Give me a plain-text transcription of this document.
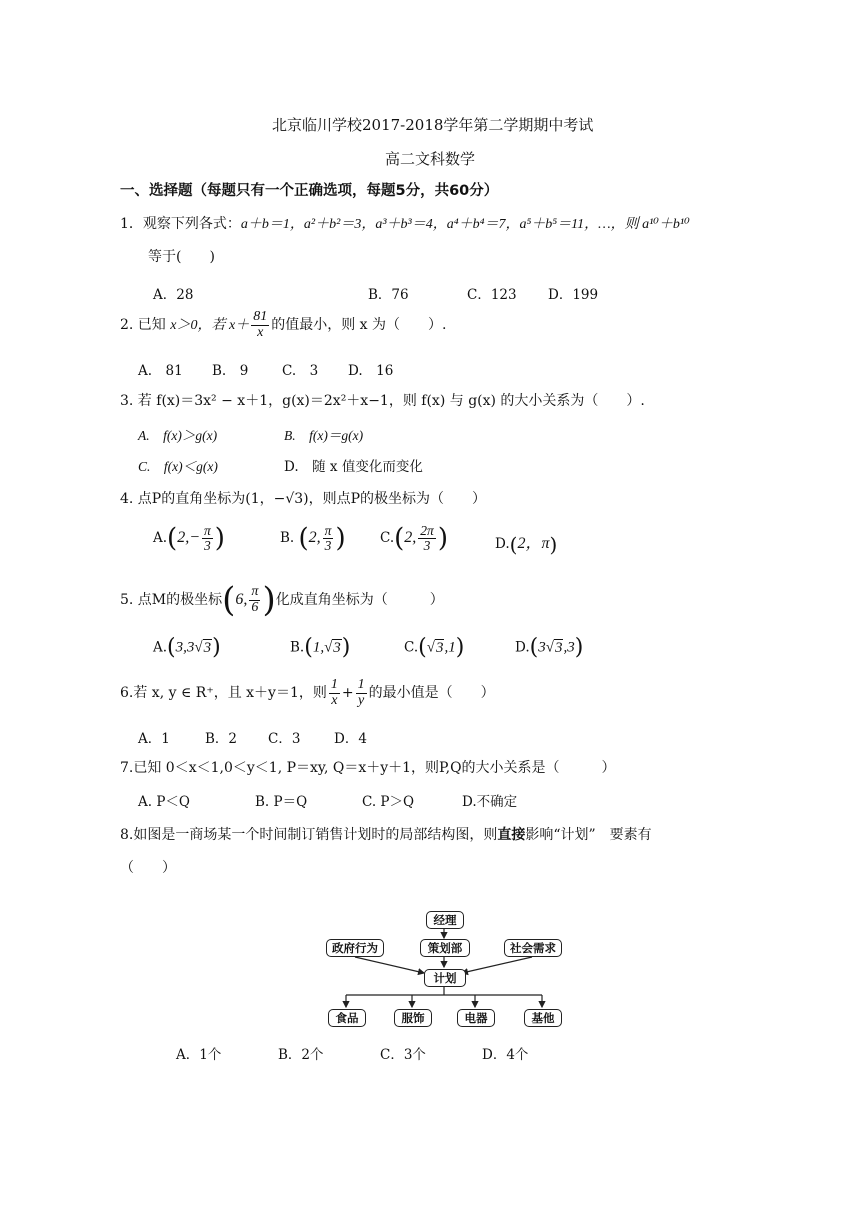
北京临川学校2017-2018学年第二学期期中考试
高二文科数学
一、选择题（每题只有一个正确选项，每题5分，共60分）
1．观察下列各式：a＋b＝1，a²＋b²＝3，a³＋b³＝4，a⁴＋b⁴＝7，a⁵＋b⁵＝11，…，则 a¹⁰＋b¹⁰
等于(　　)
A．28	B．76	C．123 D．199
2. 已知 x＞0，若 $x+ \frac{81}{x}$ 的值最小，则 x 为（　　）.
A.　81 B.　9 C.　3 D.　16
3. 若 f(x)＝3x² − x＋1，g(x)＝2x²＋x−1，则 f(x) 与 g(x) 的大小关系为（　　）.
A.　f(x)＞g(x)	B.　f(x)＝g(x)
C.　f(x)＜g(x)	D.　随 x 值变化而变化
4. 点P的直角坐标为(1，−√3)，则点P的极坐标为（　　）
$A.(2,- \frac{\pi}{3}$ )	B. (2, $\frac{\pi}{3}$ )	C.(2, $\frac{2\pi}{3}$ )	D.(2，π)
5. 点M的极坐标(6, $\frac{\pi}{6}$ )化成直角坐标为（　　　）
A.(3,3√3)	B.(1,√3)	C.(√3,1)	D.(3√3,3)
6.若 x, y ∈ R⁺，且 x＋y＝1，则 $\frac{1}{x} + \frac{1}{y}$ 的最小值是（　　）
A．1	B．2 C．3 D．4
7.已知 0＜x＜1,0＜y＜1, P＝xy, Q＝x＋y＋1，则P,Q的大小关系是（　　　）
A. P＜Q	B. P＝Q	C. P＞Q	D.不确定
8.如图是一商场某一个时间制订销售计划时的局部结构图，则直接影响“计划”　要素有
（　　）
经理
政府行为	策划部	社会需求
计划
食品	服饰	电器	基他
A．1个	B．2个	C．3个	D．4个
